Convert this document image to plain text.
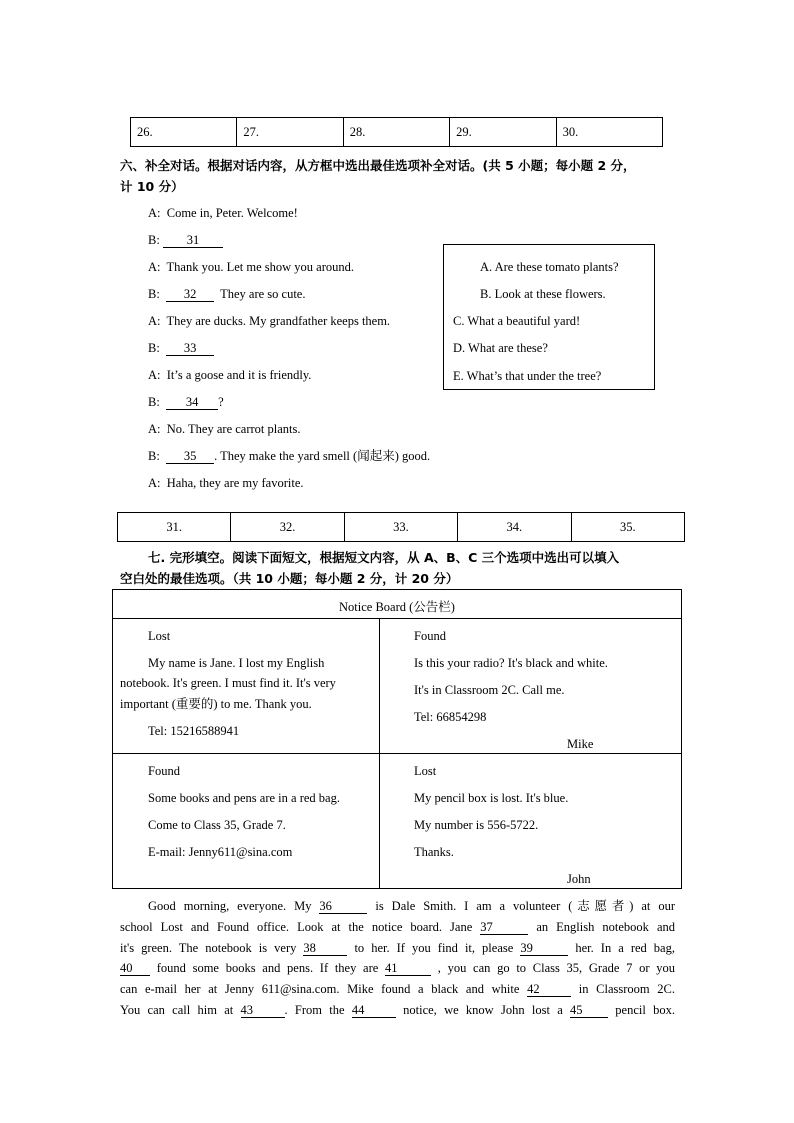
26.	27.	28.	29.	30.
六、补全对话。根据对话内容，从方框中选出最佳选项补全对话。(共 5 小题；每小题 2 分，
计 10 分）
A: Come in, Peter. Welcome!
B: 31
A: Thank you. Let me show you around.
B: 32 They are so cute.
A: They are ducks. My grandfather keeps them.
B: 33
A: It’s a goose and it is friendly.
B: 34 ?
A: No. They are carrot plants.
B: 35 . They make the yard smell (闻起来) good.
A: Haha, they are my favorite.
A. Are these tomato plants?
B. Look at these flowers.
C. What a beautiful yard!
D. What are these?
E. What’s that under the tree?
31.	32.	33.	34.	35.
七. 完形填空。阅读下面短文，根据短文内容，从 A、B、C 三个选项中选出可以填入
空白处的最佳选项。（共 10 小题；每小题 2 分，计 20 分）
Notice Board (公告栏)
Lost
My name is Jane. I lost my English
notebook. It's green. I must find it. It's very
important (重要的) to me. Thank you.
Tel: 15216588941
Found
Is this your radio? It's black and white.
It's in Classroom 2C. Call me.
Tel: 66854298
Mike
Found
Some books and pens are in a red bag.
Come to Class 35, Grade 7.
E-mail: Jenny611@sina.com
Lost
My pencil box is lost. It's blue.
My number is 556-5722.
Thanks.
John
Good morning, everyone. My 36	is Dale Smith. I am a volunteer (志愿者) at our
school Lost and Found office. Look at the notice board. Jane 37	an English notebook and
it's green. The notebook is very 38	to her. If you find it, please 39	her. In a red bag,
40 found some books and pens. If they are 41	, you can go to Class 35, Grade 7 or you
can e-mail her at Jenny 611@sina.com. Mike found a black and white 42	in Classroom 2C.
You can call him at 43	. From the 44	notice, we know John lost a 45 pencil box.
